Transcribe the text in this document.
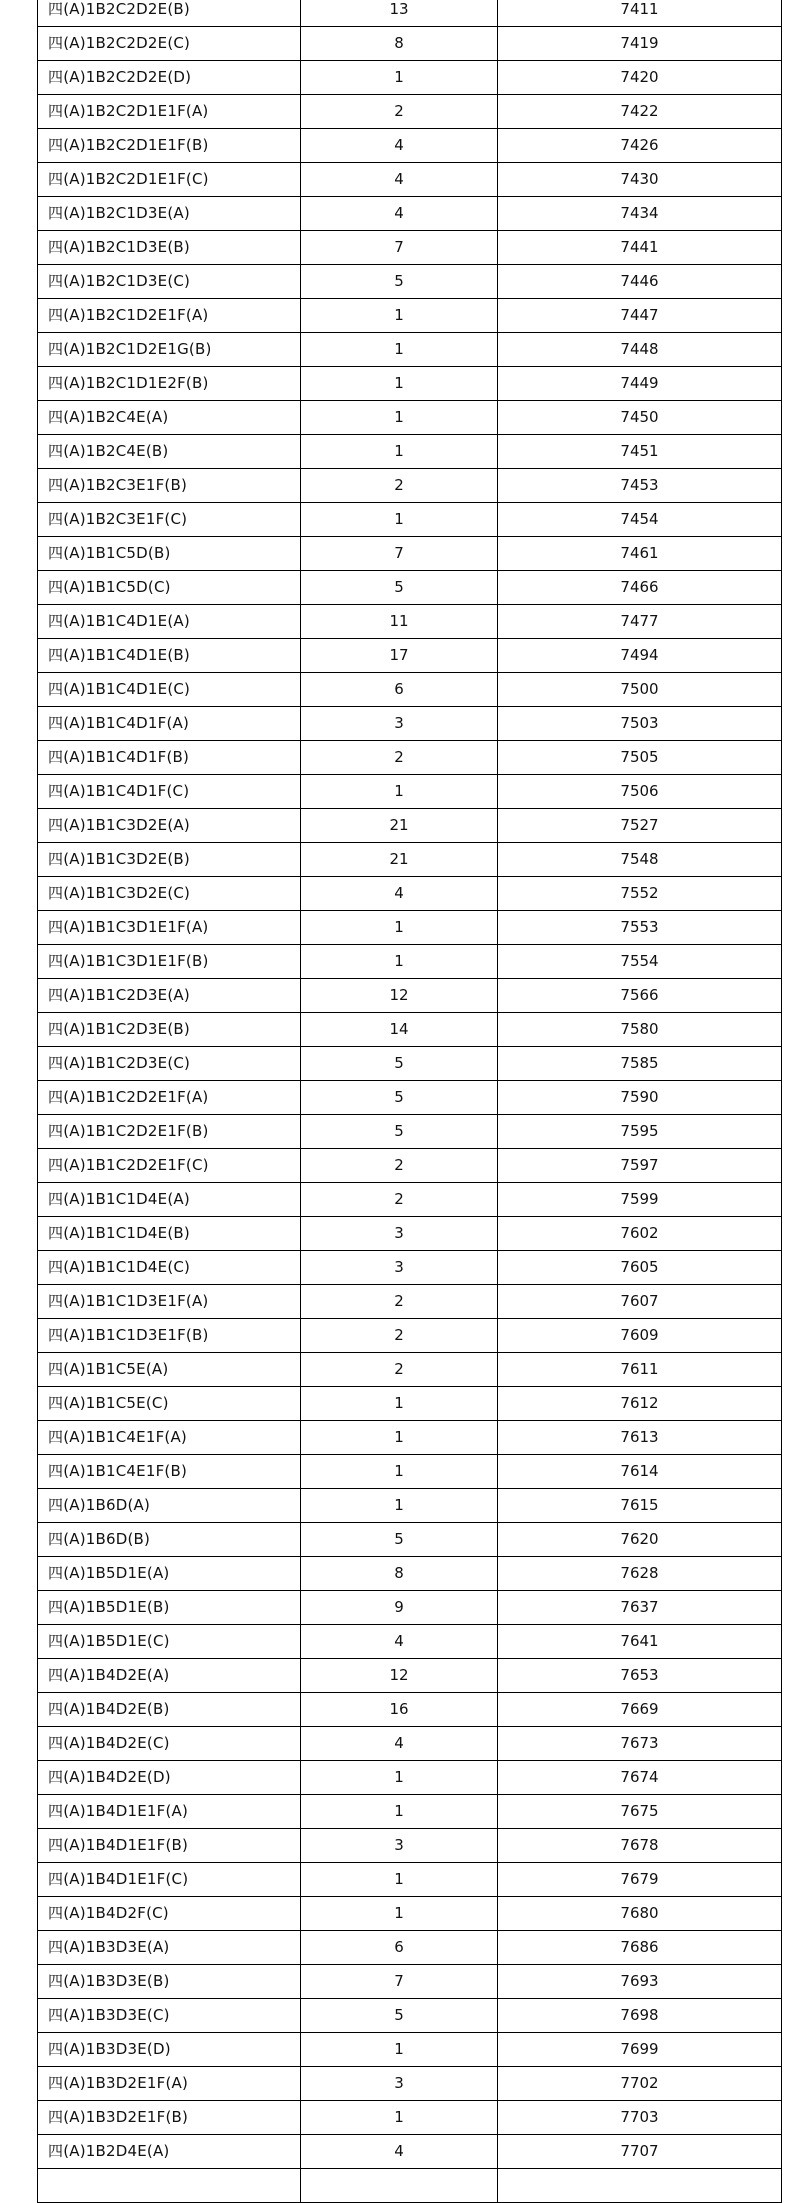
四(A)1B2C2D2E(B)	13	7411
四(A)1B2C2D2E(C)	8	7419
四(A)1B2C2D2E(D)	1	7420
四(A)1B2C2D1E1F(A)	2	7422
四(A)1B2C2D1E1F(B)	4	7426
四(A)1B2C2D1E1F(C)	4	7430
四(A)1B2C1D3E(A)	4	7434
四(A)1B2C1D3E(B)	7	7441
四(A)1B2C1D3E(C)	5	7446
四(A)1B2C1D2E1F(A)	1	7447
四(A)1B2C1D2E1G(B)	1	7448
四(A)1B2C1D1E2F(B)	1	7449
四(A)1B2C4E(A)	1	7450
四(A)1B2C4E(B)	1	7451
四(A)1B2C3E1F(B)	2	7453
四(A)1B2C3E1F(C)	1	7454
四(A)1B1C5D(B)	7	7461
四(A)1B1C5D(C)	5	7466
四(A)1B1C4D1E(A)	11	7477
四(A)1B1C4D1E(B)	17	7494
四(A)1B1C4D1E(C)	6	7500
四(A)1B1C4D1F(A)	3	7503
四(A)1B1C4D1F(B)	2	7505
四(A)1B1C4D1F(C)	1	7506
四(A)1B1C3D2E(A)	21	7527
四(A)1B1C3D2E(B)	21	7548
四(A)1B1C3D2E(C)	4	7552
四(A)1B1C3D1E1F(A)	1	7553
四(A)1B1C3D1E1F(B)	1	7554
四(A)1B1C2D3E(A)	12	7566
四(A)1B1C2D3E(B)	14	7580
四(A)1B1C2D3E(C)	5	7585
四(A)1B1C2D2E1F(A)	5	7590
四(A)1B1C2D2E1F(B)	5	7595
四(A)1B1C2D2E1F(C)	2	7597
四(A)1B1C1D4E(A)	2	7599
四(A)1B1C1D4E(B)	3	7602
四(A)1B1C1D4E(C)	3	7605
四(A)1B1C1D3E1F(A)	2	7607
四(A)1B1C1D3E1F(B)	2	7609
四(A)1B1C5E(A)	2	7611
四(A)1B1C5E(C)	1	7612
四(A)1B1C4E1F(A)	1	7613
四(A)1B1C4E1F(B)	1	7614
四(A)1B6D(A)	1	7615
四(A)1B6D(B)	5	7620
四(A)1B5D1E(A)	8	7628
四(A)1B5D1E(B)	9	7637
四(A)1B5D1E(C)	4	7641
四(A)1B4D2E(A)	12	7653
四(A)1B4D2E(B)	16	7669
四(A)1B4D2E(C)	4	7673
四(A)1B4D2E(D)	1	7674
四(A)1B4D1E1F(A)	1	7675
四(A)1B4D1E1F(B)	3	7678
四(A)1B4D1E1F(C)	1	7679
四(A)1B4D2F(C)	1	7680
四(A)1B3D3E(A)	6	7686
四(A)1B3D3E(B)	7	7693
四(A)1B3D3E(C)	5	7698
四(A)1B3D3E(D)	1	7699
四(A)1B3D2E1F(A)	3	7702
四(A)1B3D2E1F(B)	1	7703
四(A)1B2D4E(A)	4	7707
